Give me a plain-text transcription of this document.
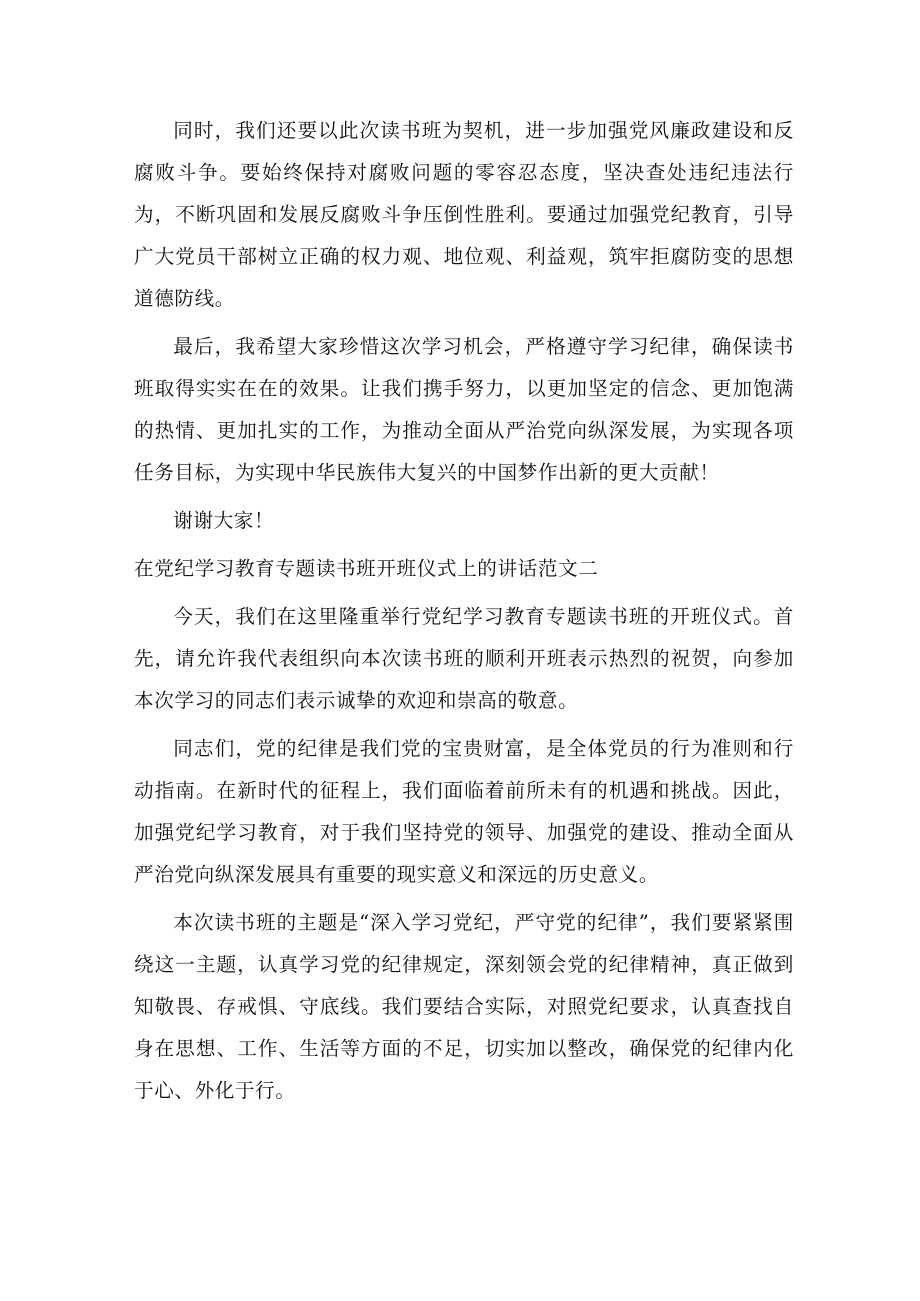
同时，我们还要以此次读书班为契机，进一步加强党风廉政建设和反腐败斗争。要始终保持对腐败问题的零容忍态度，坚决查处违纪违法行为，不断巩固和发展反腐败斗争压倒性胜利。要通过加强党纪教育，引导广大党员干部树立正确的权力观、地位观、利益观，筑牢拒腐防变的思想道德防线。

最后，我希望大家珍惜这次学习机会，严格遵守学习纪律，确保读书班取得实实在在的效果。让我们携手努力，以更加坚定的信念、更加饱满的热情、更加扎实的工作，为推动全面从严治党向纵深发展，为实现各项任务目标，为实现中华民族伟大复兴的中国梦作出新的更大贡献！

谢谢大家！

在党纪学习教育专题读书班开班仪式上的讲话范文二

今天，我们在这里隆重举行党纪学习教育专题读书班的开班仪式。首先，请允许我代表组织向本次读书班的顺利开班表示热烈的祝贺，向参加本次学习的同志们表示诚挚的欢迎和崇高的敬意。

同志们，党的纪律是我们党的宝贵财富，是全体党员的行为准则和行动指南。在新时代的征程上，我们面临着前所未有的机遇和挑战。因此，加强党纪学习教育，对于我们坚持党的领导、加强党的建设、推动全面从严治党向纵深发展具有重要的现实意义和深远的历史意义。

本次读书班的主题是“深入学习党纪，严守党的纪律”，我们要紧紧围绕这一主题，认真学习党的纪律规定，深刻领会党的纪律精神，真正做到知敬畏、存戒惧、守底线。我们要结合实际，对照党纪要求，认真查找自身在思想、工作、生活等方面的不足，切实加以整改，确保党的纪律内化于心、外化于行。
